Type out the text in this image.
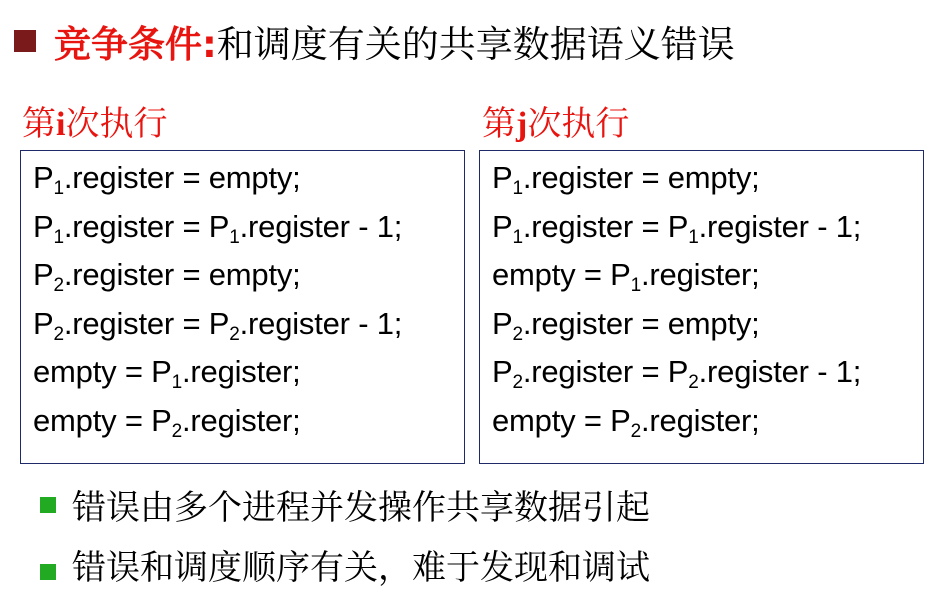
竞争条件: 和调度有关的共享数据语义错误
第i次执行	第j次执行
$P_1.register$ = empty;
$P_1.register$ = $P_1.register - 1$;
$P_2.register$ = empty;
$P_2.register$ = $P_2.register - 1$;
empty = $P_1.register$;
empty = $P_2.register$;
$P_1.register$ = empty;
$P_1.register$ = $P_1.register - 1$;
empty = $P_1.register$;
$P_2.register$ = empty;
$P_2.register$ = $P_2.register - 1$;
empty = $P_2.register$;
错误由多个进程并发操作共享数据引起
错误和调度顺序有关，难于发现和调试
